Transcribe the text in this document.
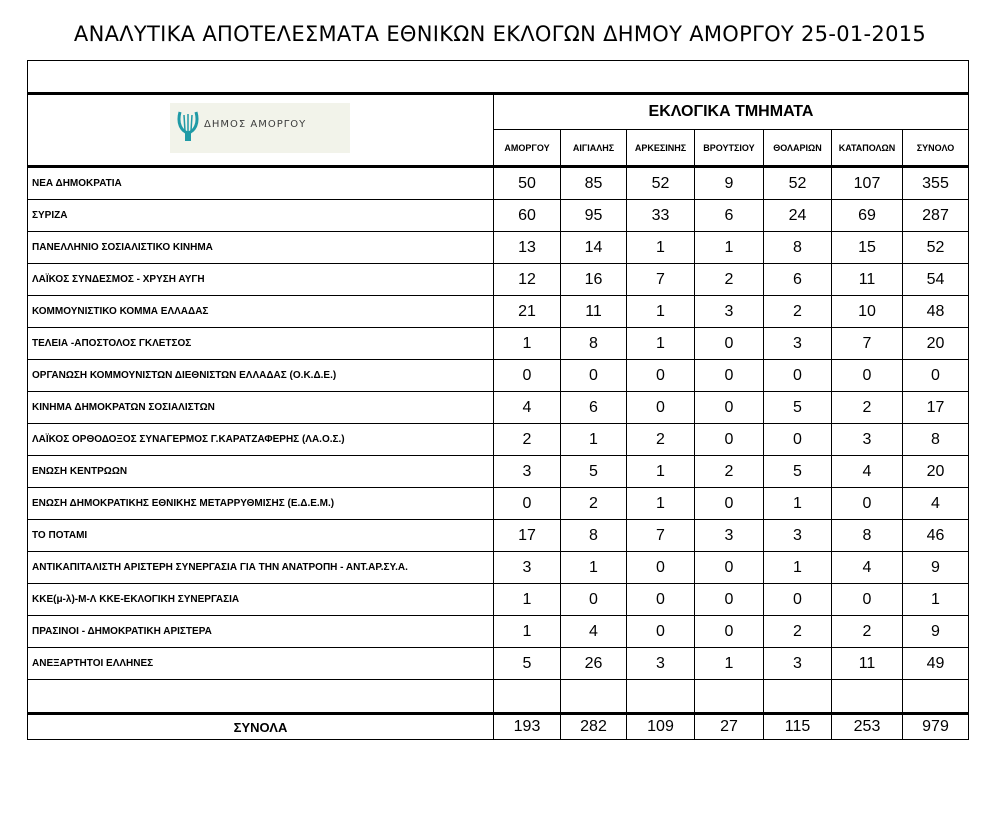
ΑΝΑΛΥΤΙΚΑ ΑΠΟΤΕΛΕΣΜΑΤΑ ΕΘΝΙΚΩΝ ΕΚΛΟΓΩΝ ΔΗΜΟΥ ΑΜΟΡΓΟΥ 25-01-2015

ΔΗΜΟΣ ΑΜΟΡΓΟΥ	ΕΚΛΟΓΙΚΑ ΤΜΗΜΑΤΑ						
	ΑΜΟΡΓΟΥ	ΑΙΓΙΑΛΗΣ	ΑΡΚΕΣΙΝΗΣ	ΒΡΟΥΤΣΙΟΥ	ΘΟΛΑΡΙΩΝ	ΚΑΤΑΠΟΛΩΝ	ΣΥΝΟΛΟ
ΝΕΑ ΔΗΜΟΚΡΑΤΙΑ	50	85	52	9	52	107	355
ΣΥΡΙΖΑ	60	95	33	6	24	69	287
ΠΑΝΕΛΛΗΝΙΟ ΣΟΣΙΑΛΙΣΤΙΚΟ ΚΙΝΗΜΑ	13	14	1	1	8	15	52
ΛΑΪΚΟΣ ΣΥΝΔΕΣΜΟΣ - ΧΡΥΣΗ ΑΥΓΗ	12	16	7	2	6	11	54
ΚΟΜΜΟΥΝΙΣΤΙΚΟ ΚΟΜΜΑ ΕΛΛΑΔΑΣ	21	11	1	3	2	10	48
ΤΕΛΕΙΑ -ΑΠΟΣΤΟΛΟΣ ΓΚΛΕΤΣΟΣ	1	8	1	0	3	7	20
ΟΡΓΑΝΩΣΗ ΚΟΜΜΟΥΝΙΣΤΩΝ ΔΙΕΘΝΙΣΤΩΝ ΕΛΛΑΔΑΣ (Ο.Κ.Δ.Ε.)	0	0	0	0	0	0	0
ΚΙΝΗΜΑ ΔΗΜΟΚΡΑΤΩΝ ΣΟΣΙΑΛΙΣΤΩΝ	4	6	0	0	5	2	17
ΛΑΪΚΟΣ ΟΡΘΟΔΟΞΟΣ ΣΥΝΑΓΕΡΜΟΣ Γ.ΚΑΡΑΤΖΑΦΕΡΗΣ (ΛΑ.Ο.Σ.)	2	1	2	0	0	3	8
ΕΝΩΣΗ ΚΕΝΤΡΩΩΝ	3	5	1	2	5	4	20
ΕΝΩΣΗ ΔΗΜΟΚΡΑΤΙΚΗΣ ΕΘΝΙΚΗΣ ΜΕΤΑΡΡΥΘΜΙΣΗΣ (Ε.Δ.Ε.Μ.)	0	2	1	0	1	0	4
ΤΟ ΠΟΤΑΜΙ	17	8	7	3	3	8	46
ΑΝΤΙΚΑΠΙΤΑΛΙΣΤΗ ΑΡΙΣΤΕΡΗ ΣΥΝΕΡΓΑΣΙΑ ΓΙΑ ΤΗΝ ΑΝΑΤΡΟΠΗ - ΑΝΤ.ΑΡ.ΣΥ.Α.	3	1	0	0	1	4	9
ΚΚΕ(μ-λ)-Μ-Λ ΚΚΕ-ΕΚΛΟΓΙΚΗ ΣΥΝΕΡΓΑΣΙΑ	1	0	0	0	0	0	1
ΠΡΑΣΙΝΟΙ - ΔΗΜΟΚΡΑΤΙΚΗ ΑΡΙΣΤΕΡΑ	1	4	0	0	2	2	9
ΑΝΕΞΑΡΤΗΤΟΙ ΕΛΛΗΝΕΣ	5	26	3	1	3	11	49

ΣΥΝΟΛΑ	193	282	109	27	115	253	979
